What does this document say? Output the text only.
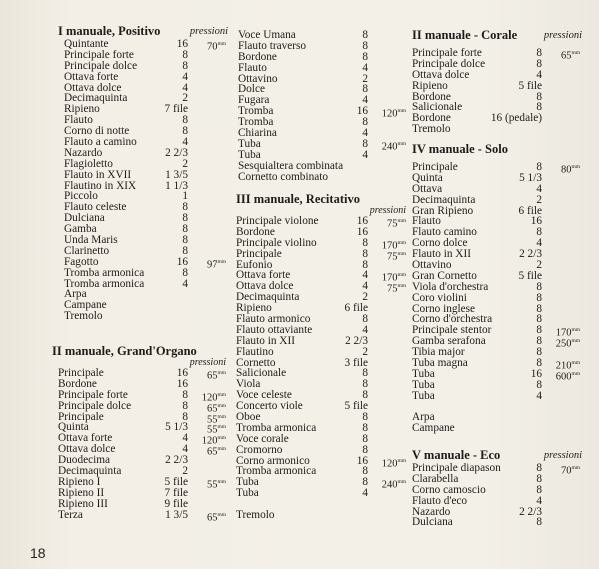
I manuale, Positivo	pressioni
Quintante	16 $70^{mm}$
Principale forte	8
Principale dolce	8
Ottava forte	4
Ottava dolce	4
Decimaquinta	2
Ripieno	7 file
Flauto	8
Corno di notte	8
Flauto a camino	4
Nazardo	2 2/3
Flagioletto	2
Flauto in XVII	1 3/5
Flautino in XIX	1 1/3
Piccolo	1
Flauto celeste	8
Dulciana	8
Gamba	8
Unda Maris	8
Clarinetto	8
Fagotto	16 $97^{mm}$
Tromba armonica	8
Tromba armonica	4
Arpa
Campane
Tremolo
II manuale, Grand'Organo
pressioni
Principale	16 $65^{mm}$
Bordone	16
Principale forte	8 $120^{mm}$
Principale dolce	8 $65^{mm}$
Principale	8 $55^{mm}$
Quinta	5 1/3 $55^{mm}$
Ottava forte	4 $120^{mm}$
Ottava dolce	4 $65^{mm}$
Duodecima	2 2/3
Decimaquinta	2
Ripieno I	5 file $55^{mm}$
Ripieno II	7 file
Ripieno III	9 file
Terza	1 3/5 $65^{mm}$
Voce Umana	8
Flauto traverso	8
Bordone	8
Flauto	4
Ottavino	2
Dolce	8
Fugara	4
Tromba	16 $120^{mm}$
Tromba	8
Chiarina	4
Tuba	8 $240^{mm}$
Tuba	4
Sesquialtera combinata
Cornetto combinato
III manuale, Recitativo
pressioni
Principale violone	16 $75^{mm}$
Bordone	16
Principale violino	8 $170^{mm}$
Principale	8 $75^{mm}$
Eufonio	8
Ottava forte	4 $170^{mm}$
Ottava dolce	4 $75^{mm}$
Decimaquinta	2
Ripieno	6 file
Flauto armonico	8
Flauto ottaviante	4
Flauto in XII	2 2/3
Flautino	2
Cornetto	3 file
Salicionale	8
Viola	8
Voce celeste	8
Concerto viole	5 file
Oboe	8
Tromba armonica	8
Voce corale	8
Cromorno	8
Corno armonico	16 $120^{mm}$
Tromba armonica	8
Tuba	8 $240^{mm}$
Tuba	4
Tremolo
II manuale - Corale	pressioni
Principale forte	8 $65^{mm}$
Principale dolce	8
Ottava dolce	4
Ripieno	5 file
Bordone	8
Salicionale	8
Bordone	16 (pedale)
Tremolo
IV manuale - Solo
Principale	8 $80^{mm}$
Quinta	5 1/3
Ottava	4
Decimaquinta	2
Gran Ripieno	6 file
Flauto	16
Flauto camino	8
Corno dolce	4
Flauto in XII	2 2/3
Ottavino	2
Gran Cornetto	5 file
Viola d'orchestra	8
Coro violini	8
Corno inglese	8
Corno d'orchestra	8
Principale stentor	8 $170^{mm}$
Gamba serafona	8 $250^{mm}$
Tibia major	8
Tuba magna	8 $210^{mm}$
Tuba	16 $600^{mm}$
Tuba	8
Tuba	4
Arpa
Campane
V manuale - Eco	pressioni
Principale diapason	8 $70^{mm}$
Clarabella	8
Corno camoscio	8
Flauto d'eco	4
Nazardo	2 2/3
Dulciana	8
18
